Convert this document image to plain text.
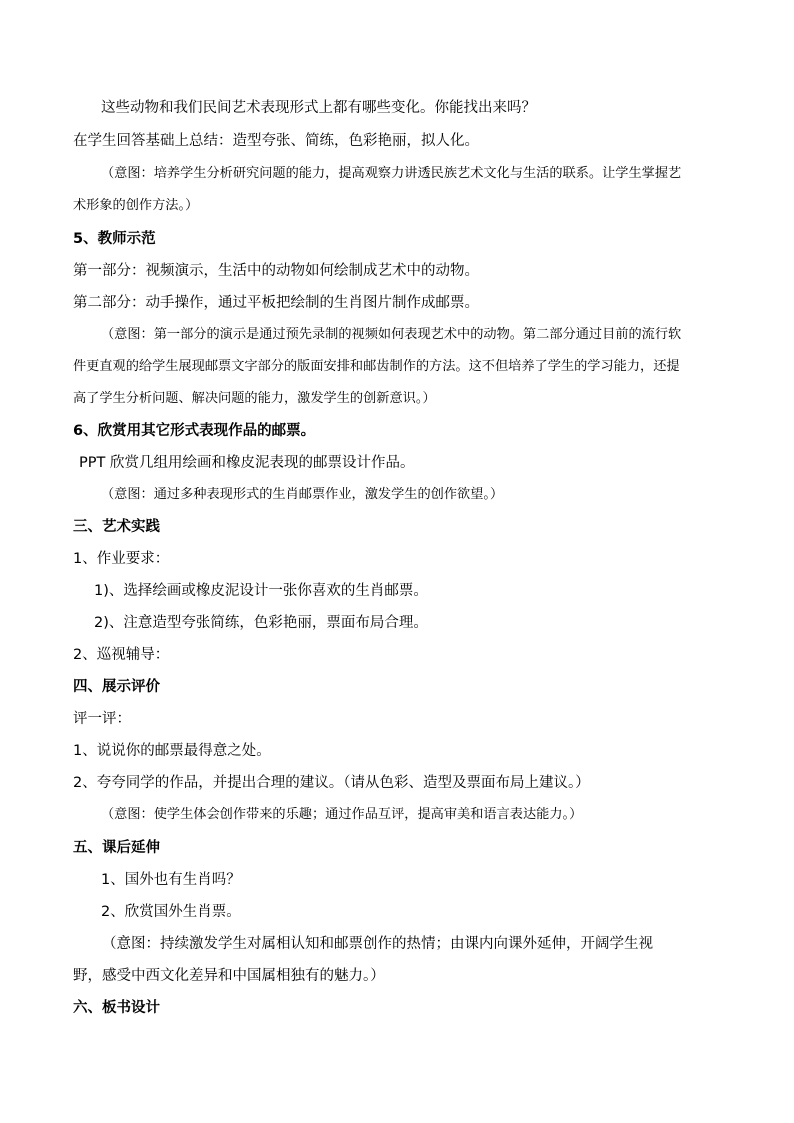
这些动物和我们民间艺术表现形式上都有哪些变化。你能找出来吗？
在学生回答基础上总结：造型夸张、简练，色彩艳丽，拟人化。
（意图：培养学生分析研究问题的能力，提高观察力讲透民族艺术文化与生活的联系。让学生掌握艺
术形象的创作方法。）
5、教师示范
第一部分：视频演示，生活中的动物如何绘制成艺术中的动物。
第二部分：动手操作，通过平板把绘制的生肖图片制作成邮票。
（意图：第一部分的演示是通过预先录制的视频如何表现艺术中的动物。第二部分通过目前的流行软
件更直观的给学生展现邮票文字部分的版面安排和邮齿制作的方法。这不但培养了学生的学习能力，还提
高了学生分析问题、解决问题的能力，激发学生的创新意识。）
6、欣赏用其它形式表现作品的邮票。
PPT 欣赏几组用绘画和橡皮泥表现的邮票设计作品。
（意图：通过多种表现形式的生肖邮票作业，激发学生的创作欲望。）
三、艺术实践
1、作业要求：
1)、选择绘画或橡皮泥设计一张你喜欢的生肖邮票。
2)、注意造型夸张简练，色彩艳丽，票面布局合理。
2、巡视辅导：
四、展示评价
评一评：
1、说说你的邮票最得意之处。
2、夸夸同学的作品，并提出合理的建议。（请从色彩、造型及票面布局上建议。）
（意图：使学生体会创作带来的乐趣；通过作品互评，提高审美和语言表达能力。）
五、课后延伸
1、国外也有生肖吗？
2、欣赏国外生肖票。
（意图：持续激发学生对属相认知和邮票创作的热情；由课内向课外延伸，开阔学生视
野，感受中西文化差异和中国属相独有的魅力。）
六、板书设计
